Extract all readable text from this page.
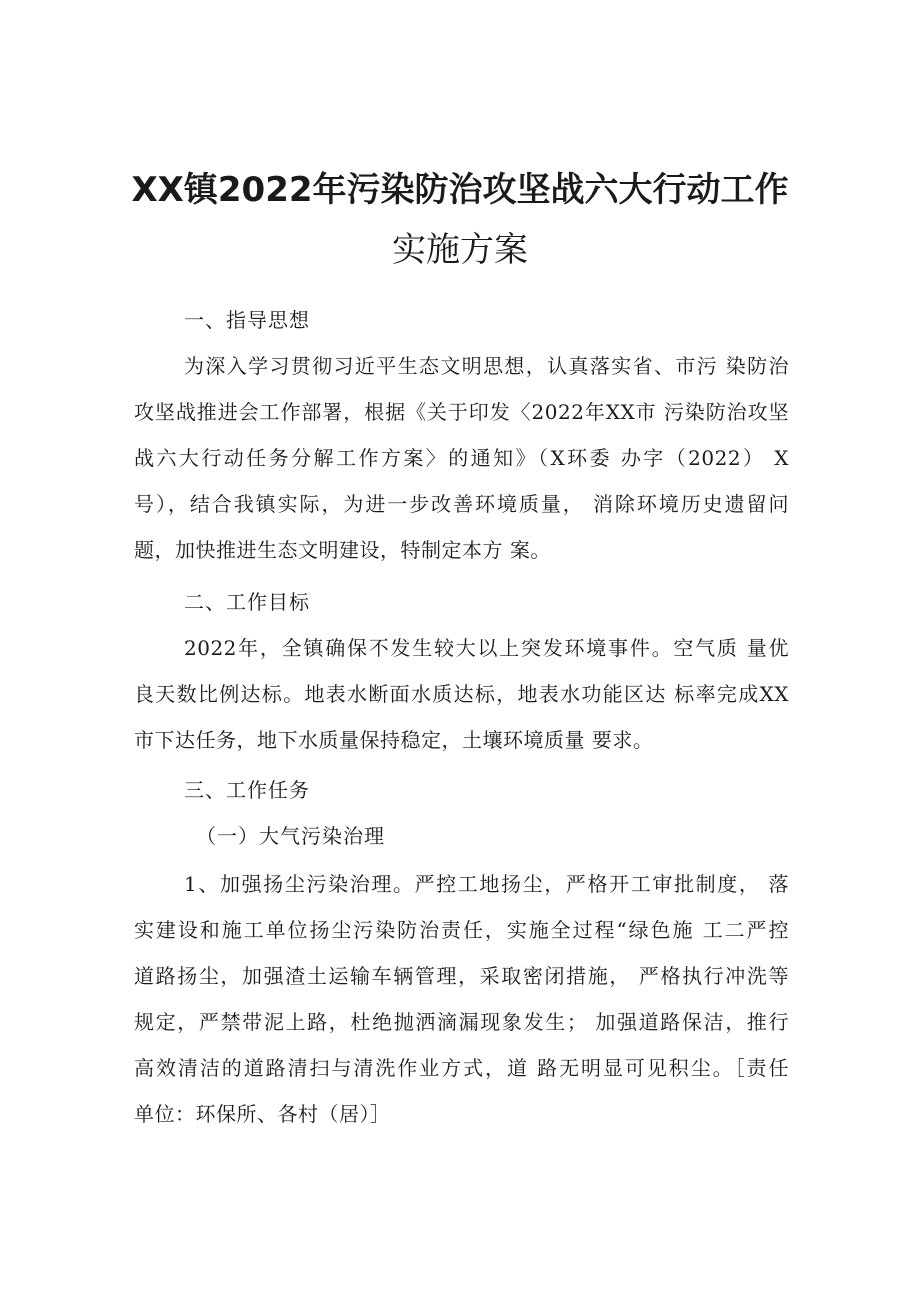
XX镇2022年污染防治攻坚战六大行动工作
实施方案
一、指导思想
为深入学习贯彻习近平生态文明思想，认真落实省、市污 染防治
攻坚战推进会工作部署，根据《关于印发〈2022年XX市 污染防治攻坚
战六大行动任务分解工作方案〉的通知》（X环委 办字（2022） X
号），结合我镇实际，为进一步改善环境质量， 消除环境历史遗留问
题，加快推进生态文明建设，特制定本方 案。
二、工作目标
2022年，全镇确保不发生较大以上突发环境事件。空气质 量优
良天数比例达标。地表水断面水质达标，地表水功能区达 标率完成XX
市下达任务，地下水质量保持稳定，土壤环境质量 要求。
三、工作任务
（一）大气污染治理
1、加强扬尘污染治理。严控工地扬尘，严格开工审批制度， 落
实建设和施工单位扬尘污染防治责任，实施全过程“绿色施 工二严控
道路扬尘，加强渣土运输车辆管理，采取密闭措施， 严格执行冲洗等
规定，严禁带泥上路，杜绝抛洒滴漏现象发生； 加强道路保洁，推行
高效清洁的道路清扫与清洗作业方式，道 路无明显可见积尘。［责任
单位：环保所、各村（居）］
